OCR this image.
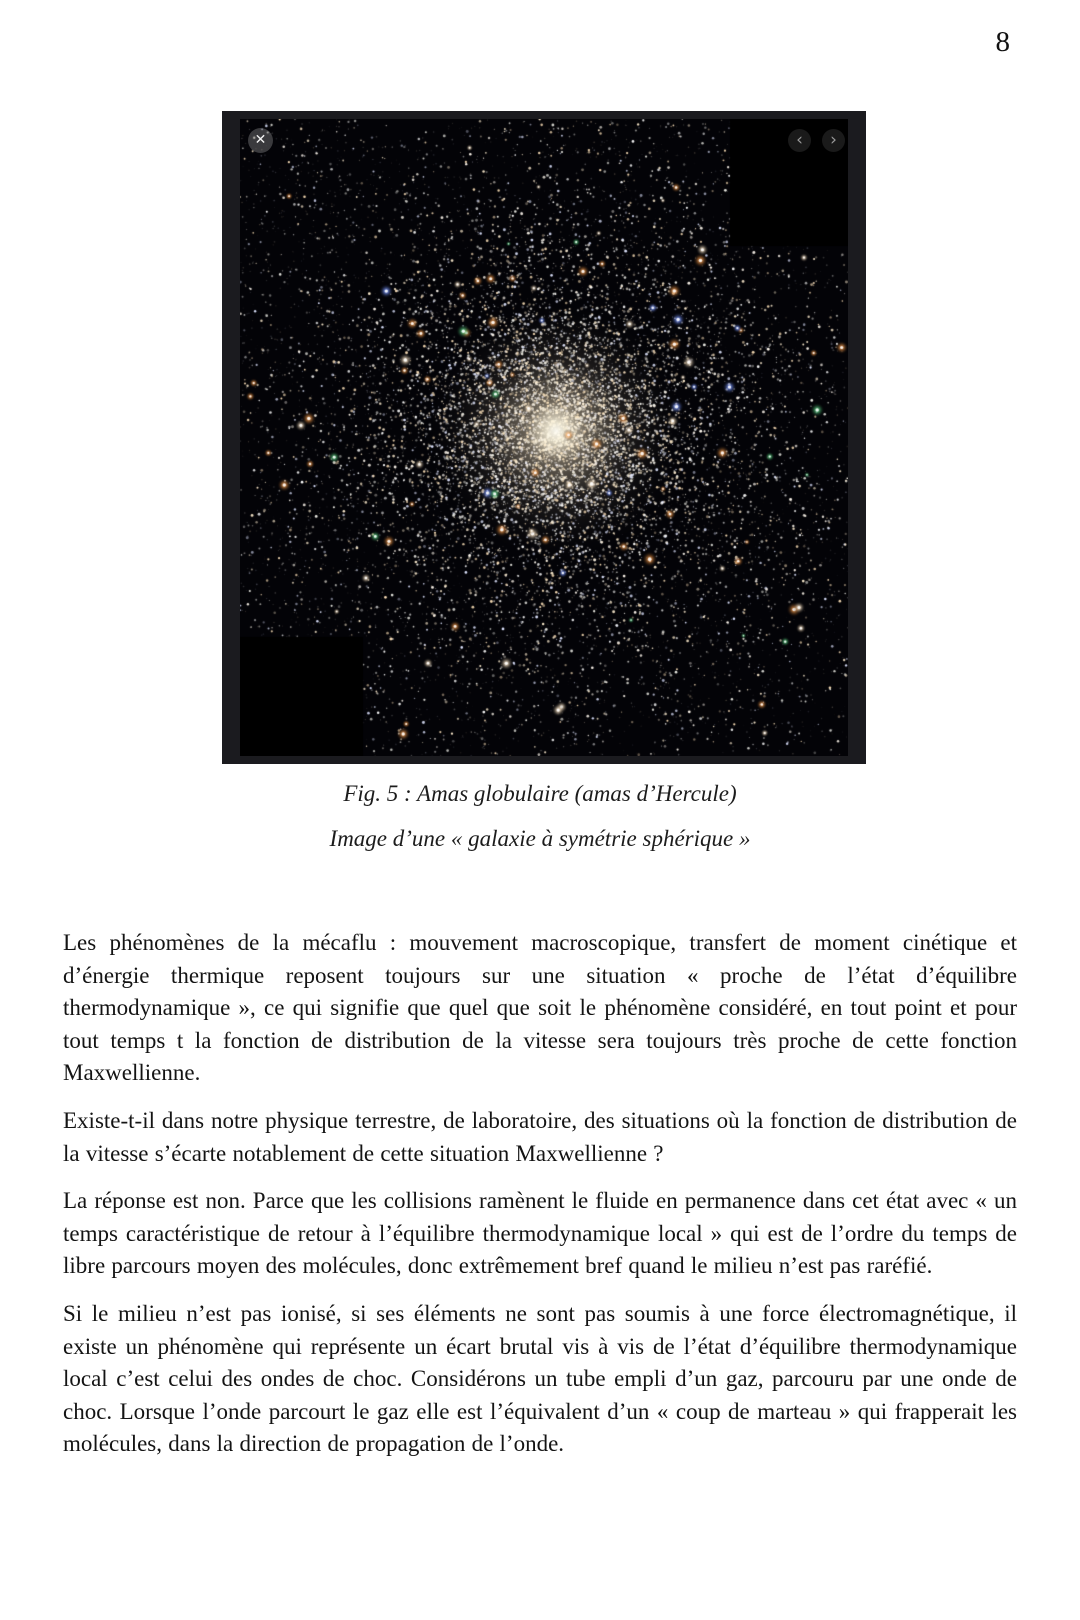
8
✕	‹	›

Fig. 5 : Amas globulaire (amas d’Hercule)

Image d’une « galaxie à symétrie sphérique »

Les phénomènes de la mécaflu : mouvement macroscopique, transfert de moment cinétique et d’énergie thermique reposent toujours sur une situation « proche de l’état d’équilibre thermodynamique », ce qui signifie que quel que soit le phénomène considéré, en tout point et pour tout temps t la fonction de distribution de la vitesse sera toujours très proche de cette fonction Maxwellienne.

Existe-t-il dans notre physique terrestre, de laboratoire, des situations où la fonction de distribution de la vitesse s’écarte notablement de cette situation Maxwellienne ?

La réponse est non. Parce que les collisions ramènent le fluide en permanence dans cet état avec « un temps caractéristique de retour à l’équilibre thermodynamique local » qui est de l’ordre du temps de libre parcours moyen des molécules, donc extrêmement bref quand le milieu n’est pas raréfié.

Si le milieu n’est pas ionisé, si ses éléments ne sont pas soumis à une force électromagnétique, il existe un phénomène qui représente un écart brutal vis à vis de l’état d’équilibre thermodynamique local c’est celui des ondes de choc. Considérons un tube empli d’un gaz, parcouru par une onde de choc. Lorsque l’onde parcourt le gaz elle est l’équivalent d’un « coup de marteau » qui frapperait les molécules, dans la direction de propagation de l’onde.
